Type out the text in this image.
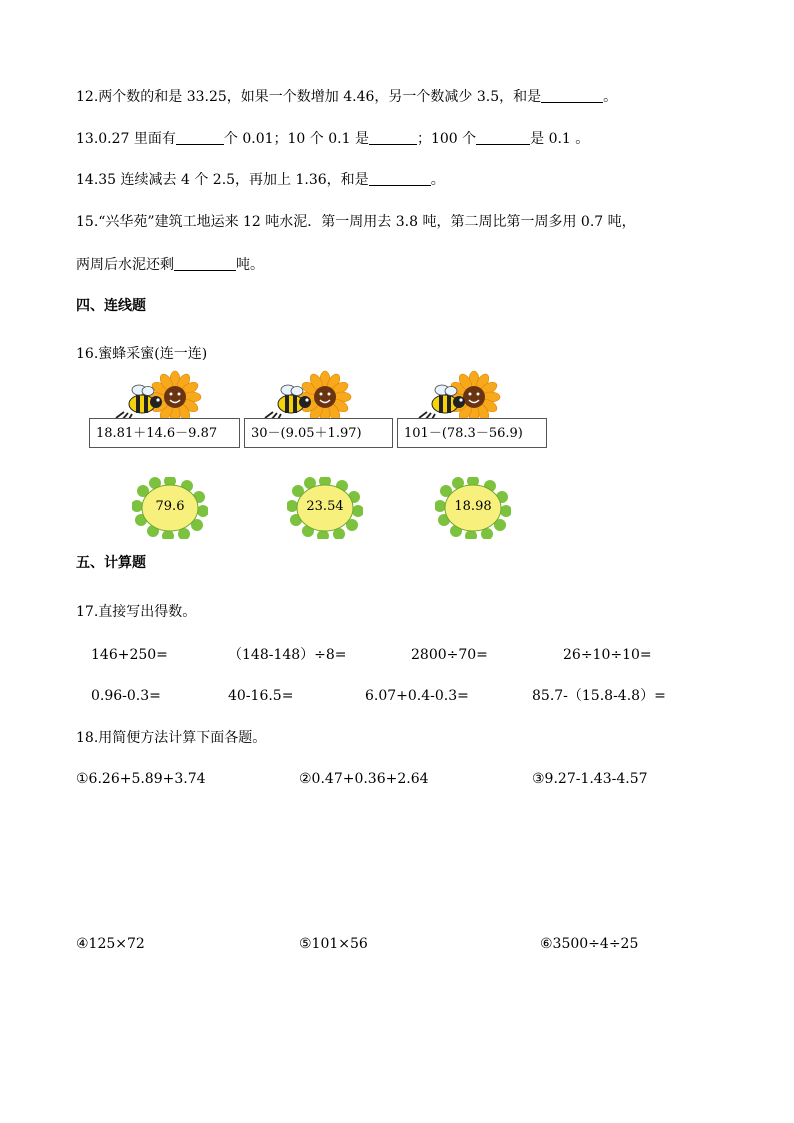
12.两个数的和是 33.25，如果一个数增加 4.46，另一个数减少 3.5，和是	。
13.0.27 里面有	个 0.01；10 个 0.1 是	；100 个	是 0.1 。
14.35 连续减去 4 个 2.5，再加上 1.36，和是	。
15.“兴华苑”建筑工地运来 12 吨水泥．第一周用去 3.8 吨，第二周比第一周多用 0.7 吨，
两周后水泥还剩	吨。
四、连线题
16.蜜蜂采蜜(连一连)
18.81＋14.6－9.87	30－(9.05＋1.97)	101－(78.3－56.9)
79.6	23.54	18.98
五、计算题
17.直接写出得数。
146+250=	（148-148）÷8=	2800÷70=	26÷10÷10=
0.96-0.3=	40-16.5=	6.07+0.4-0.3=	85.7-（15.8-4.8）=
18.用简便方法计算下面各题。
①6.26+5.89+3.74	②0.47+0.36+2.64	③9.27-1.43-4.57
④125×72	⑤101×56	⑥3500÷4÷25
